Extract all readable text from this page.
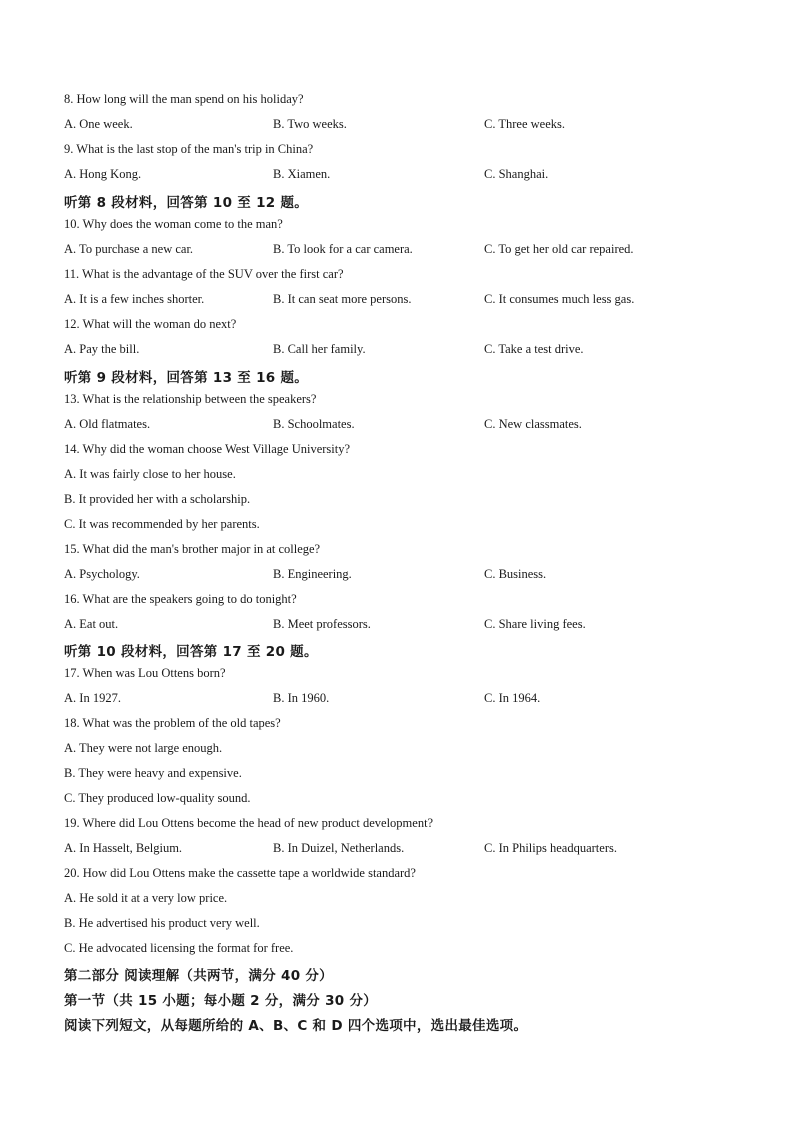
8. How long will the man spend on his holiday?
A. One week.	B. Two weeks.	C. Three weeks.
9. What is the last stop of the man's trip in China?
A. Hong Kong.	B. Xiamen.	C. Shanghai.
听第 8 段材料，回答第 10 至 12 题。
10. Why does the woman come to the man?
A. To purchase a new car.	B. To look for a car camera.	C. To get her old car repaired.
11. What is the advantage of the SUV over the first car?
A. It is a few inches shorter.	B. It can seat more persons.	C. It consumes much less gas.
12. What will the woman do next?
A. Pay the bill.	B. Call her family.	C. Take a test drive.
听第 9 段材料，回答第 13 至 16 题。
13. What is the relationship between the speakers?
A. Old flatmates.	B. Schoolmates.	C. New classmates.
14. Why did the woman choose West Village University?
A. It was fairly close to her house.
B. It provided her with a scholarship.
C. It was recommended by her parents.
15. What did the man's brother major in at college?
A. Psychology.	B. Engineering.	C. Business.
16. What are the speakers going to do tonight?
A. Eat out.	B. Meet professors.	C. Share living fees.
听第 10 段材料，回答第 17 至 20 题。
17. When was Lou Ottens born?
A. In 1927.	B. In 1960.	C. In 1964.
18. What was the problem of the old tapes?
A. They were not large enough.
B. They were heavy and expensive.
C. They produced low-quality sound.
19. Where did Lou Ottens become the head of new product development?
A. In Hasselt, Belgium.	B. In Duizel, Netherlands.	C. In Philips headquarters.
20. How did Lou Ottens make the cassette tape a worldwide standard?
A. He sold it at a very low price.
B. He advertised his product very well.
C. He advocated licensing the format for free.
第二部分 阅读理解（共两节，满分 40 分）
第一节（共 15 小题；每小题 2 分，满分 30 分）
阅读下列短文，从每题所给的 A、B、C 和 D 四个选项中，选出最佳选项。
